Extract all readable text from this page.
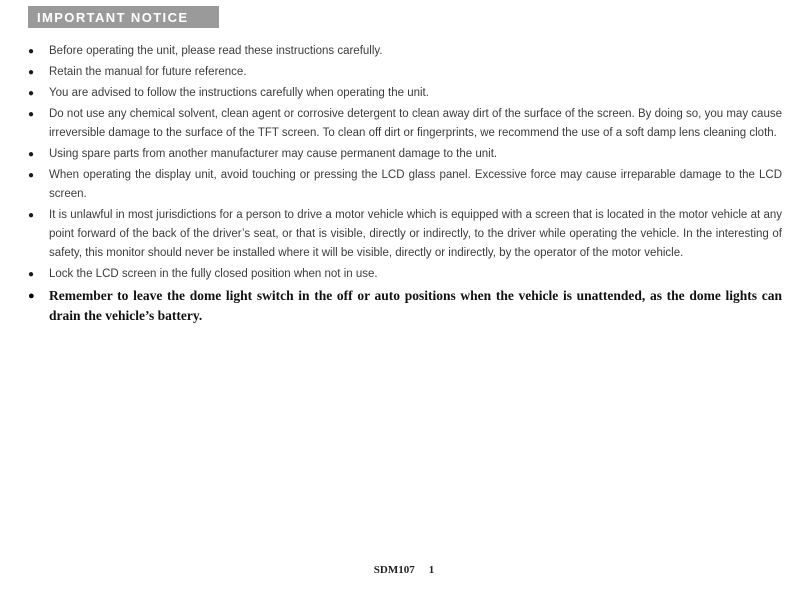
IMPORTANT NOTICE
●	Before operating the unit, please read these instructions carefully.
●	Retain the manual for future reference.
●	You are advised to follow the instructions carefully when operating the unit.
●	Do not use any chemical solvent, clean agent or corrosive detergent to clean away dirt of the surface of the screen. By doing so, you may cause irreversible damage to the surface of the TFT screen. To clean off dirt or fingerprints, we recommend the use of a soft damp lens cleaning cloth.
●	Using spare parts from another manufacturer may cause permanent damage to the unit.
●	When operating the display unit, avoid touching or pressing the LCD glass panel. Excessive force may cause irreparable damage to the LCD screen.
●	It is unlawful in most jurisdictions for a person to drive a motor vehicle which is equipped with a screen that is located in the motor vehicle at any point forward of the back of the driver’s seat, or that is visible, directly or indirectly, to the driver while operating the vehicle. In the interesting of safety, this monitor should never be installed where it will be visible, directly or indirectly, by the operator of the motor vehicle.
●	Lock the LCD screen in the fully closed position when not in use.
●	Remember to leave the dome light switch in the off or auto positions when the vehicle is unattended, as the dome lights can drain the vehicle’s battery.
SDM107 1
